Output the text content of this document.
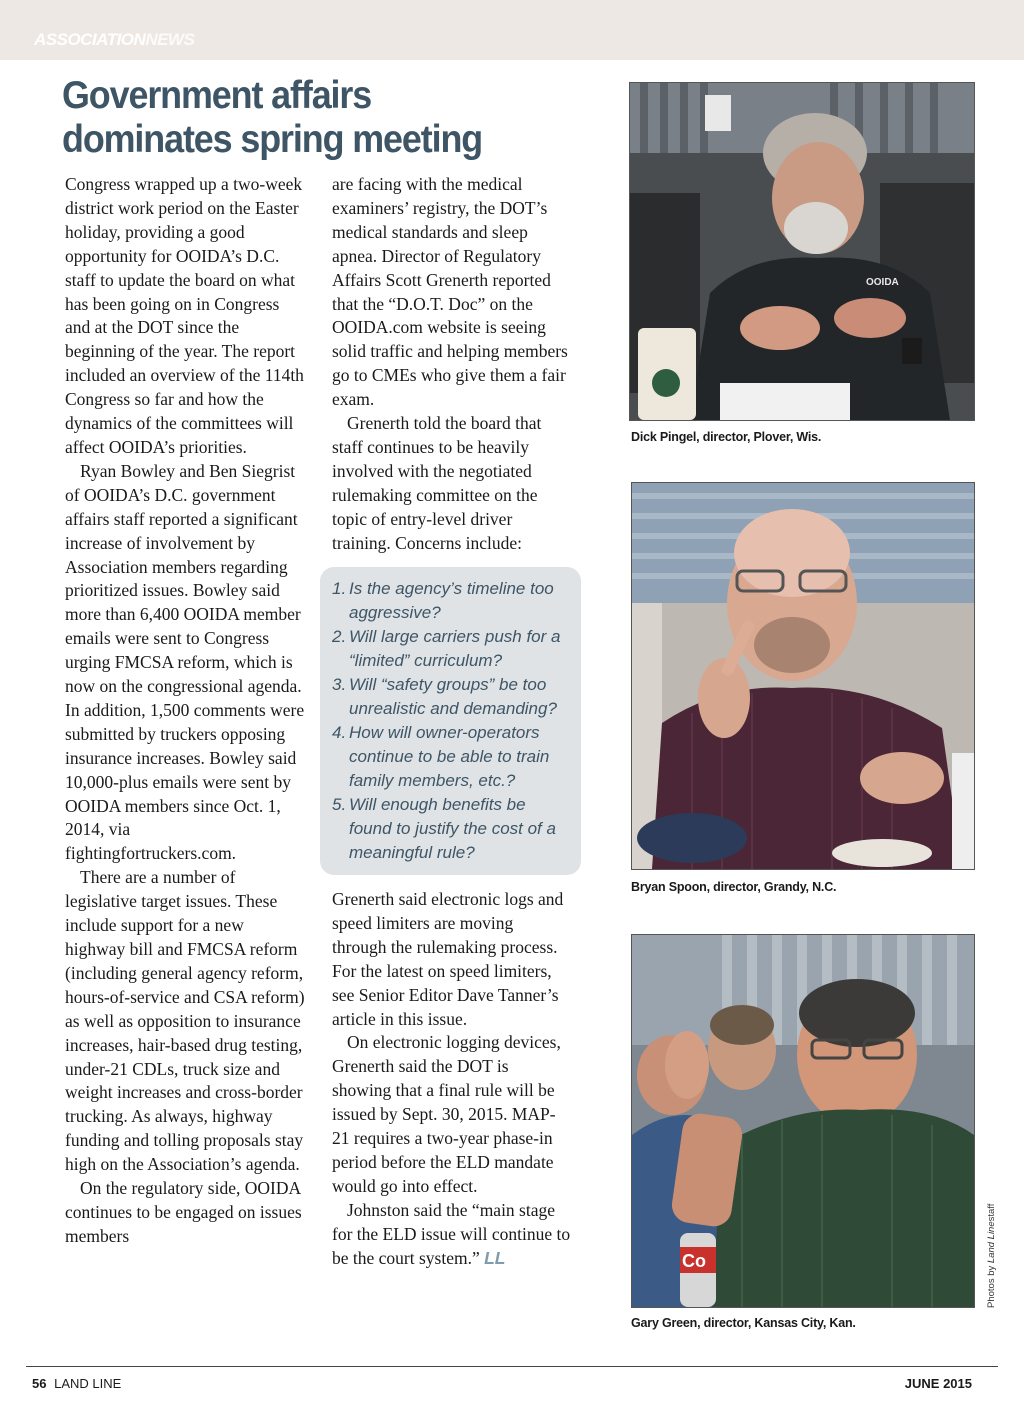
ASSOCIATIONNEWS
Government affairs
dominates spring meeting

Congress wrapped up a two-week district work period on the Easter holiday, providing a good opportunity for OOIDA’s D.C. staff to update the board on what has been going on in Congress and at the DOT since the beginning of the year. The report included an overview of the 114th Congress so far and how the dynamics of the committees will affect OOIDA’s priorities.

Ryan Bowley and Ben Siegrist of OOIDA’s D.C. government affairs staff reported a significant increase of involvement by Association members regarding prioritized issues. Bowley said more than 6,400 OOIDA member emails were sent to Congress urging FMCSA reform, which is now on the congressional agenda. In addition, 1,500 comments were submitted by truckers opposing insurance increases. Bowley said 10,000-plus emails were sent by OOIDA members since Oct. 1, 2014, via fightingfortruckers.com.

There are a number of legislative target issues. These include support for a new highway bill and FMCSA reform (including general agency reform, hours-of-service and CSA reform) as well as opposition to insurance increases, hair-based drug testing, under-21 CDLs, truck size and weight increases and cross-border trucking. As always, highway funding and tolling proposals stay high on the Association’s agenda.

On the regulatory side, OOIDA continues to be engaged on issues members

are facing with the medical examiners’ registry, the DOT’s medical standards and sleep apnea. Director of Regulatory Affairs Scott Grenerth reported that the “D.O.T. Doc” on the OOIDA.com website is seeing solid traffic and helping members go to CMEs who give them a fair exam.

Grenerth told the board that staff continues to be heavily involved with the negotiated rulemaking committee on the topic of entry-level driver training. Concerns include:

1. Is the agency’s timeline too aggressive?
2. Will large carriers push for a “limited” curriculum?
3. Will “safety groups” be too unrealistic and demanding?
4. How will owner-operators continue to be able to train family members, etc.?
5. Will enough benefits be found to justify the cost of a meaningful rule?

Grenerth said electronic logs and speed limiters are moving through the rulemaking process. For the latest on speed limiters, see Senior Editor Dave Tanner’s article in this issue.

On electronic logging devices, Grenerth said the DOT is showing that a final rule will be issued by Sept. 30, 2015. MAP-21 requires a two-year phase-in period before the ELD mandate would go into effect.

Johnston said the “main stage for the ELD issue will continue to be the court system.” LL

OOIDA
Dick Pingel, director, Plover, Wis.
Bryan Spoon, director, Grandy, N.C.
Co
Gary Green, director, Kansas City, Kan.
Photos by Land Linestaff
56 LAND LINE	JUNE 2015
